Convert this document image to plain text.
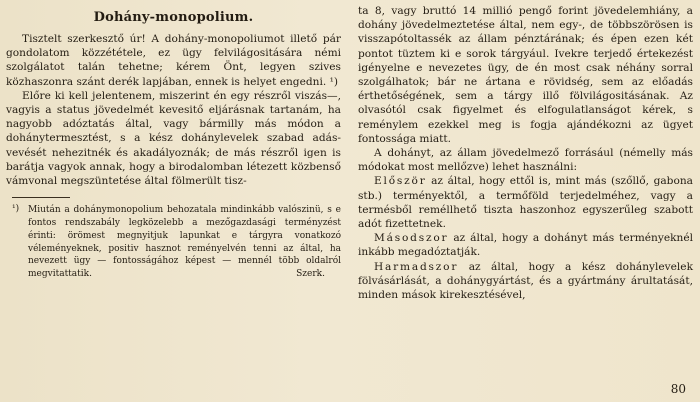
Dohány-monopolium.

Tisztelt szerkesztő úr! A dohány-monopoliumot illető pár gondolatom közzététele, ez ügy felvilágositására némi szolgálatot talán tehetne; kérem Önt, legyen szives közhaszonra szánt derék lapjában, ennek is helyet engedni. ¹)

Előre ki kell jelentenem, miszerint én egy részről viszás—, vagyis a status jövedelmét kevesitő eljárásnak tartanám, ha nagyobb adóztatás által, vagy bármilly más módon a dohánytermesztést, s a kész dohánylevelek szabad adás-vevését nehezitnék és akadályoznák; de más részről igen is barátja vagyok annak, hogy a birodalomban létezett közbenső vámvonal megszüntetése által fölmerült tisz-

¹) Miután a dohánymonopolium behozatala mindinkább valószinü, s e fontos rendszabály legközelebb a mezőgazdasági terményzést érinti: örömest megnyitjuk lapunkat e tárgyra vonatkozó véleményeknek, positiv hasznot reményelvén tenni az által, ha nevezett ügy — fontosságához képest — mennél több oldalról megvitattatik.	Szerk.

ta 8, vagy bruttó 14 millió pengő forint jövedelemhiány, a dohány jövedelmeztetése által, nem egy-, de többszörösen is visszapótoltassék az állam pénztárának; és épen ezen két pontot tüztem ki e sorok tárgyául. Ivekre terjedő értekezést igényelne e nevezetes ügy, de én most csak néhány sorral szolgálhatok; bár ne ártana e rövidség, sem az előadás érthetőségének, sem a tárgy illő fölvilágositásának. Az olvasótól csak figyelmet és elfogulatlanságot kérek, s reménylem ezekkel meg is fogja ajándékozni az ügyet fontossága miatt.

A dohányt, az állam jövedelmező forrásául (némelly más módokat most mellőzve) lehet használni:

Először az által, hogy ettől is, mint más (szőllő, gabona stb.) terményektől, a termőföld terjedelméhez, vagy a termésből reméllhető tiszta haszonhoz egyszerűleg szabott adót fizettetnek.

Másodszor az által, hogy a dohányt más terményeknél inkább megadóztatják.

Harmadszor az által, hogy a kész dohánylevelek fölvásárlását, a dohánygyártást, és a gyártmány árultatását, minden mások kirekesztésével,

80
